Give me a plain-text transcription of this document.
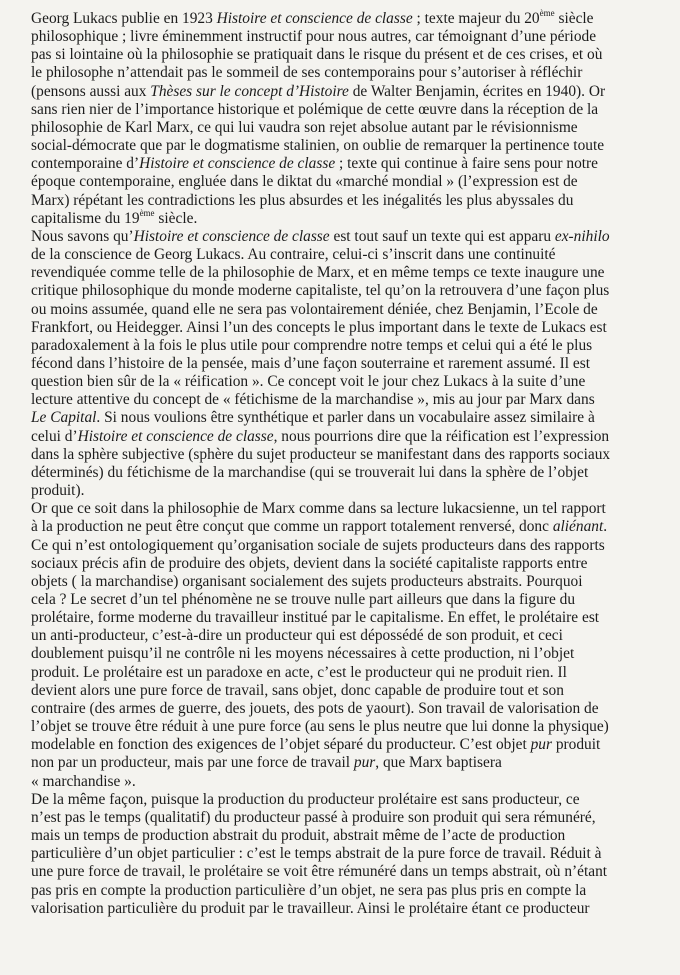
Georg Lukacs publie en 1923 Histoire et conscience de classe ; texte majeur du 20ème siècle
philosophique ; livre éminemment instructif pour nous autres, car témoignant d’une période
pas si lointaine où la philosophie se pratiquait dans le risque du présent et de ces crises, et où
le philosophe n’attendait pas le sommeil de ses contemporains pour s’autoriser à réfléchir
(pensons aussi aux Thèses sur le concept d’Histoire de Walter Benjamin, écrites en 1940). Or
sans rien nier de l’importance historique et polémique de cette œuvre dans la réception de la
philosophie de Karl Marx, ce qui lui vaudra son rejet absolue autant par le révisionnisme
social-démocrate que par le dogmatisme stalinien, on oublie de remarquer la pertinence toute
contemporaine d’Histoire et conscience de classe ; texte qui continue à faire sens pour notre
époque contemporaine, engluée dans le diktat du «marché mondial » (l’expression est de
Marx) répétant les contradictions les plus absurdes et les inégalités les plus abyssales du
capitalisme du 19ème siècle.
Nous savons qu’Histoire et conscience de classe est tout sauf un texte qui est apparu ex-nihilo
de la conscience de Georg Lukacs. Au contraire, celui-ci s’inscrit dans une continuité
revendiquée comme telle de la philosophie de Marx, et en même temps ce texte inaugure une
critique philosophique du monde moderne capitaliste, tel qu’on la retrouvera d’une façon plus
ou moins assumée, quand elle ne sera pas volontairement déniée, chez Benjamin, l’Ecole de
Frankfort, ou Heidegger. Ainsi l’un des concepts le plus important dans le texte de Lukacs est
paradoxalement à la fois le plus utile pour comprendre notre temps et celui qui a été le plus
fécond dans l’histoire de la pensée, mais d’une façon souterraine et rarement assumé. Il est
question bien sûr de la « réification ». Ce concept voit le jour chez Lukacs à la suite d’une
lecture attentive du concept de « fétichisme de la marchandise », mis au jour par Marx dans
Le Capital. Si nous voulions être synthétique et parler dans un vocabulaire assez similaire à
celui d’Histoire et conscience de classe, nous pourrions dire que la réification est l’expression
dans la sphère subjective (sphère du sujet producteur se manifestant dans des rapports sociaux
déterminés) du fétichisme de la marchandise (qui se trouverait lui dans la sphère de l’objet
produit).
Or que ce soit dans la philosophie de Marx comme dans sa lecture lukacsienne, un tel rapport
à la production ne peut être conçut que comme un rapport totalement renversé, donc aliénant.
Ce qui n’est ontologiquement qu’organisation sociale de sujets producteurs dans des rapports
sociaux précis afin de produire des objets, devient dans la société capitaliste rapports entre
objets ( la marchandise) organisant socialement des sujets producteurs abstraits. Pourquoi
cela ? Le secret d’un tel phénomène ne se trouve nulle part ailleurs que dans la figure du
prolétaire, forme moderne du travailleur institué par le capitalisme. En effet, le prolétaire est
un anti-producteur, c’est-à-dire un producteur qui est dépossédé de son produit, et ceci
doublement puisqu’il ne contrôle ni les moyens nécessaires à cette production, ni l’objet
produit. Le prolétaire est un paradoxe en acte, c’est le producteur qui ne produit rien. Il
devient alors une pure force de travail, sans objet, donc capable de produire tout et son
contraire (des armes de guerre, des jouets, des pots de yaourt). Son travail de valorisation de
l’objet se trouve être réduit à une pure force (au sens le plus neutre que lui donne la physique)
modelable en fonction des exigences de l’objet séparé du producteur. C’est objet pur produit
non par un producteur, mais par une force de travail pur, que Marx baptisera
« marchandise ».
De la même façon, puisque la production du producteur prolétaire est sans producteur, ce
n’est pas le temps (qualitatif) du producteur passé à produire son produit qui sera rémunéré,
mais un temps de production abstrait du produit, abstrait même de l’acte de production
particulière d’un objet particulier : c’est le temps abstrait de la pure force de travail. Réduit à
une pure force de travail, le prolétaire se voit être rémunéré dans un temps abstrait, où n’étant
pas pris en compte la production particulière d’un objet, ne sera pas plus pris en compte la
valorisation particulière du produit par le travailleur. Ainsi le prolétaire étant ce producteur
